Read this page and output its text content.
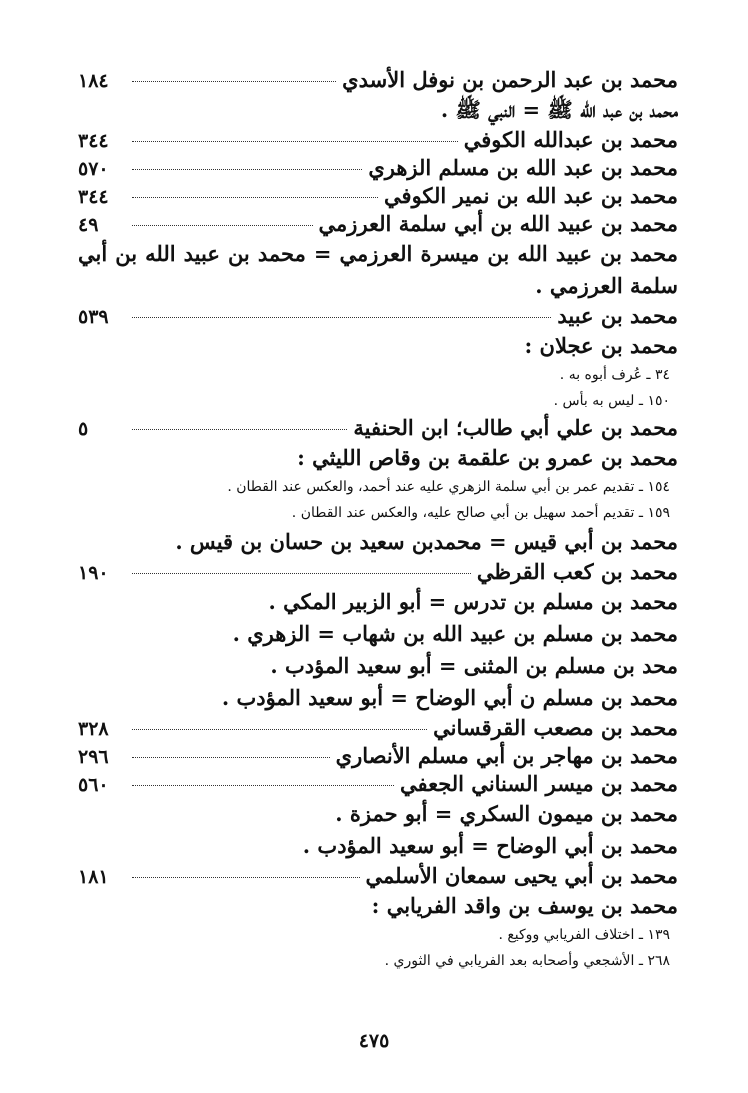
محمد بن عبد الرحمن بن نوفل الأسدي
١٨٤
محمد بن عبد الله ﷺ = النبي ﷺ .
محمد بن عبدالله الكوفي
٣٤٤
محمد بن عبد الله بن مسلم الزهري
٥٧٠
محمد بن عبد الله بن نمير الكوفي
٣٤٤
محمد بن عبيد الله بن أبي سلمة العرزمي
٤٩
محمد بن عبيد الله بن ميسرة العرزمي = محمد بن عبيد الله بن أبي سلمة العرزمي .
محمد بن عبيد
٥٣٩
محمد بن عجلان :
٣٤ ـ عُرف أبوه به .
١٥٠ ـ ليس به بأس .
محمد بن علي أبي طالب؛ ابن الحنفية
٥
محمد بن عمرو بن علقمة بن وقاص الليثي :
١٥٤ ـ تقديم عمر بن أبي سلمة الزهري عليه عند أحمد، والعكس عند القطان .
١٥٩ ـ تقديم أحمد سهيل بن أبي صالح عليه، والعكس عند القطان .
محمد بن أبي قيس = محمدبن سعيد بن حسان بن قيس .
محمد بن كعب القرظي
١٩٠
محمد بن مسلم بن تدرس = أبو الزبير المكي .
محمد بن مسلم بن عبيد الله بن شهاب = الزهري .
محد بن مسلم بن المثنى = أبو سعيد المؤدب .
محمد بن مسلم ن أبي الوضاح = أبو سعيد المؤدب .
محمد بن مصعب القرقساني
٣٢٨
محمد بن مهاجر بن أبي مسلم الأنصاري
٢٩٦
محمد بن ميسر السناني الجعفي
٥٦٠
محمد بن ميمون السكري = أبو حمزة .
محمد بن أبي الوضاح = أبو سعيد المؤدب .
محمد بن أبي يحيى سمعان الأسلمي
١٨١
محمد بن يوسف بن واقد الفريابي :
١٣٩ ـ اختلاف الفريابي ووكيع .
٢٦٨ ـ الأشجعي وأصحابه بعد الفريابي في الثوري .
٤٧٥
